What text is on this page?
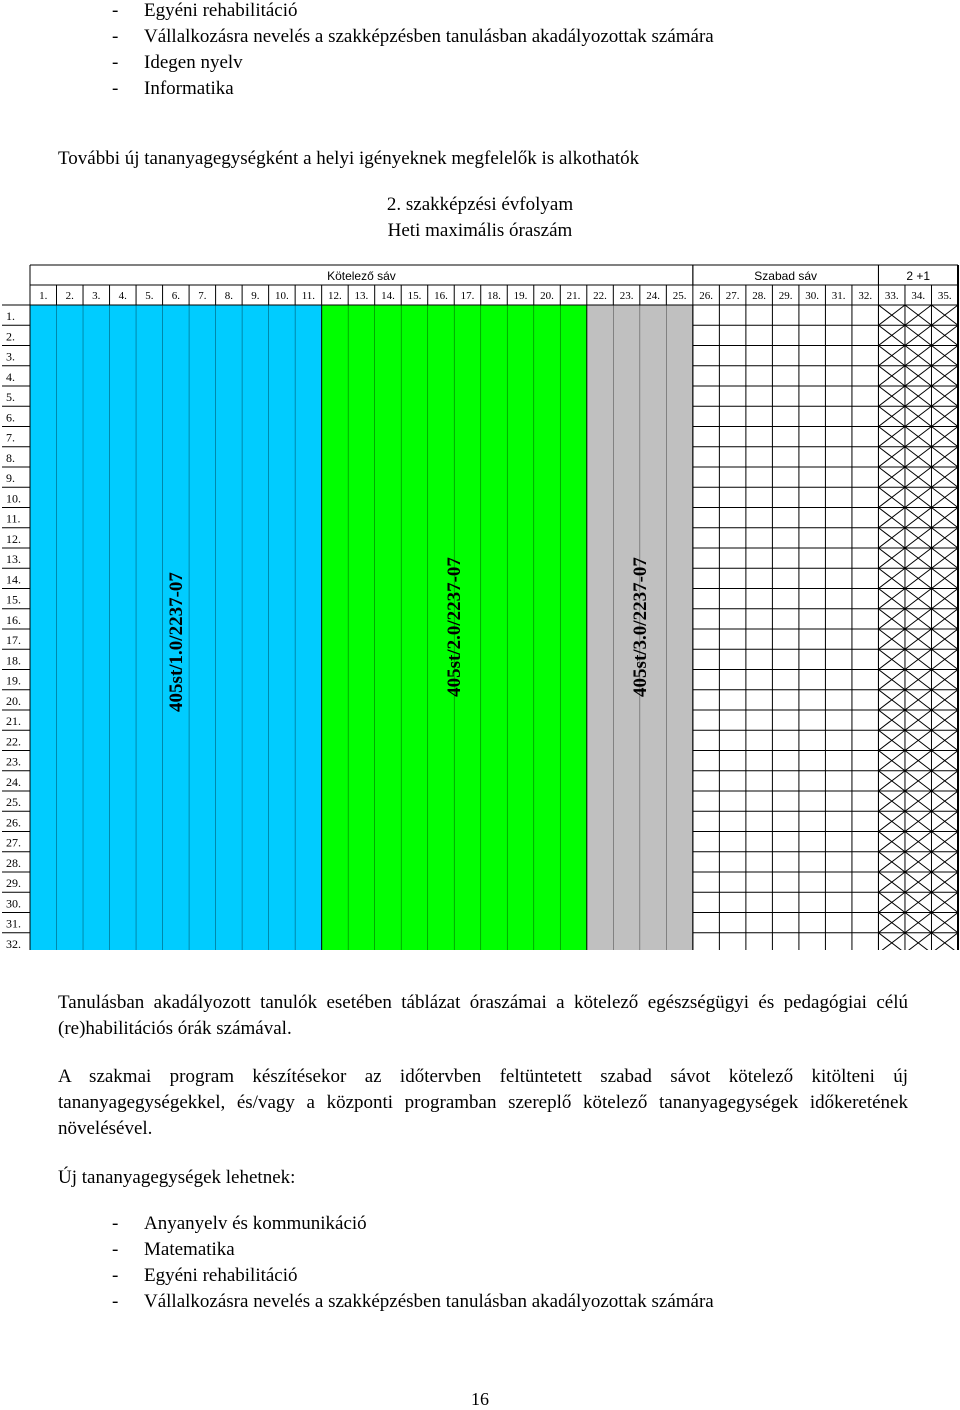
- Egyéni rehabilitáció
- Vállalkozásra nevelés a szakképzésben tanulásban akadályozottak számára
- Idegen nyelv
- Informatika
További új tananyagegységként a helyi igényeknek megfelelők is alkothatók
2. szakképzési évfolyam
Heti maximális óraszám
Kötelező sáv	Szabad sáv	2 +1
1. 2. 3. 4. 5. 6. 7. 8. 9. 10. 11. 12. 13. 14. 15. 16. 17. 18. 19. 20. 21. 22. 23. 24. 25. 26. 27. 28. 29. 30. 31. 32. 33. 34. 35.
1.
2.
3.
4.
5.
6.
7.
8.
9.
10.
11.
12.
13.
14.
15.
16.
17.
18.
19.
20.
21.
22.
23.
24.
25.
26.
27.
28.
29.
30.
31.
32.
405st/1.0/2237-07	405st/2.0/2237-07	405st/3.0/2237-07
Tanulásban akadályozott tanulók esetében táblázat óraszámai a kötelező egészségügyi és pedagógiai célú (re)habilitációs órák számával.
A szakmai program készítésekor az időtervben feltüntetett szabad sávot kötelező kitölteni új tananyagegységekkel, és/vagy a központi programban szereplő kötelező tananyagegységek időkeretének növelésével.
Új tananyagegységek lehetnek:
- Anyanyelv és kommunikáció
- Matematika
- Egyéni rehabilitáció
- Vállalkozásra nevelés a szakképzésben tanulásban akadályozottak számára
16
